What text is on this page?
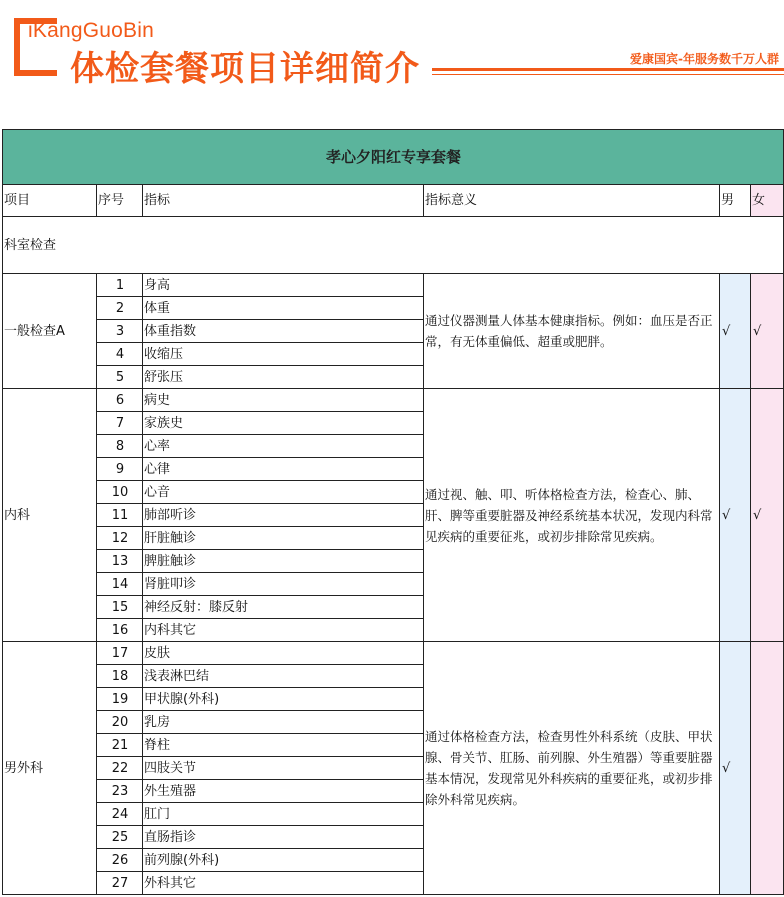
iKangGuoBin
体检套餐项目详细简介	爱康国宾-年服务数千万人群
孝心夕阳红专享套餐					
项目	序号	指标	指标意义	男	女
科室检查					
一般检查A	1	身高	通过仪器测量人体基本健康指标。例如：血压是否正常，有无体重偏低、超重或肥胖。	√	√
	2	体重			
	3	体重指数			
	4	收缩压			
	5	舒张压			
内科	6	病史	通过视、触、叩、听体格检查方法，检查心、肺、肝、脾等重要脏器及神经系统基本状况，发现内科常见疾病的重要征兆，或初步排除常见疾病。	√	√
	7	家族史			
	8	心率			
	9	心律			
	10	心音			
	11	肺部听诊			
	12	肝脏触诊			
	13	脾脏触诊			
	14	肾脏叩诊			
	15	神经反射：膝反射			
	16	内科其它			
男外科	17	皮肤	通过体格检查方法，检查男性外科系统（皮肤、甲状腺、骨关节、肛肠、前列腺、外生殖器）等重要脏器基本情况，发现常见外科疾病的重要征兆，或初步排除外科常见疾病。	√	
	18	浅表淋巴结			
	19	甲状腺(外科)			
	20	乳房			
	21	脊柱			
	22	四肢关节			
	23	外生殖器			
	24	肛门			
	25	直肠指诊			
	26	前列腺(外科)			
	27	外科其它			
